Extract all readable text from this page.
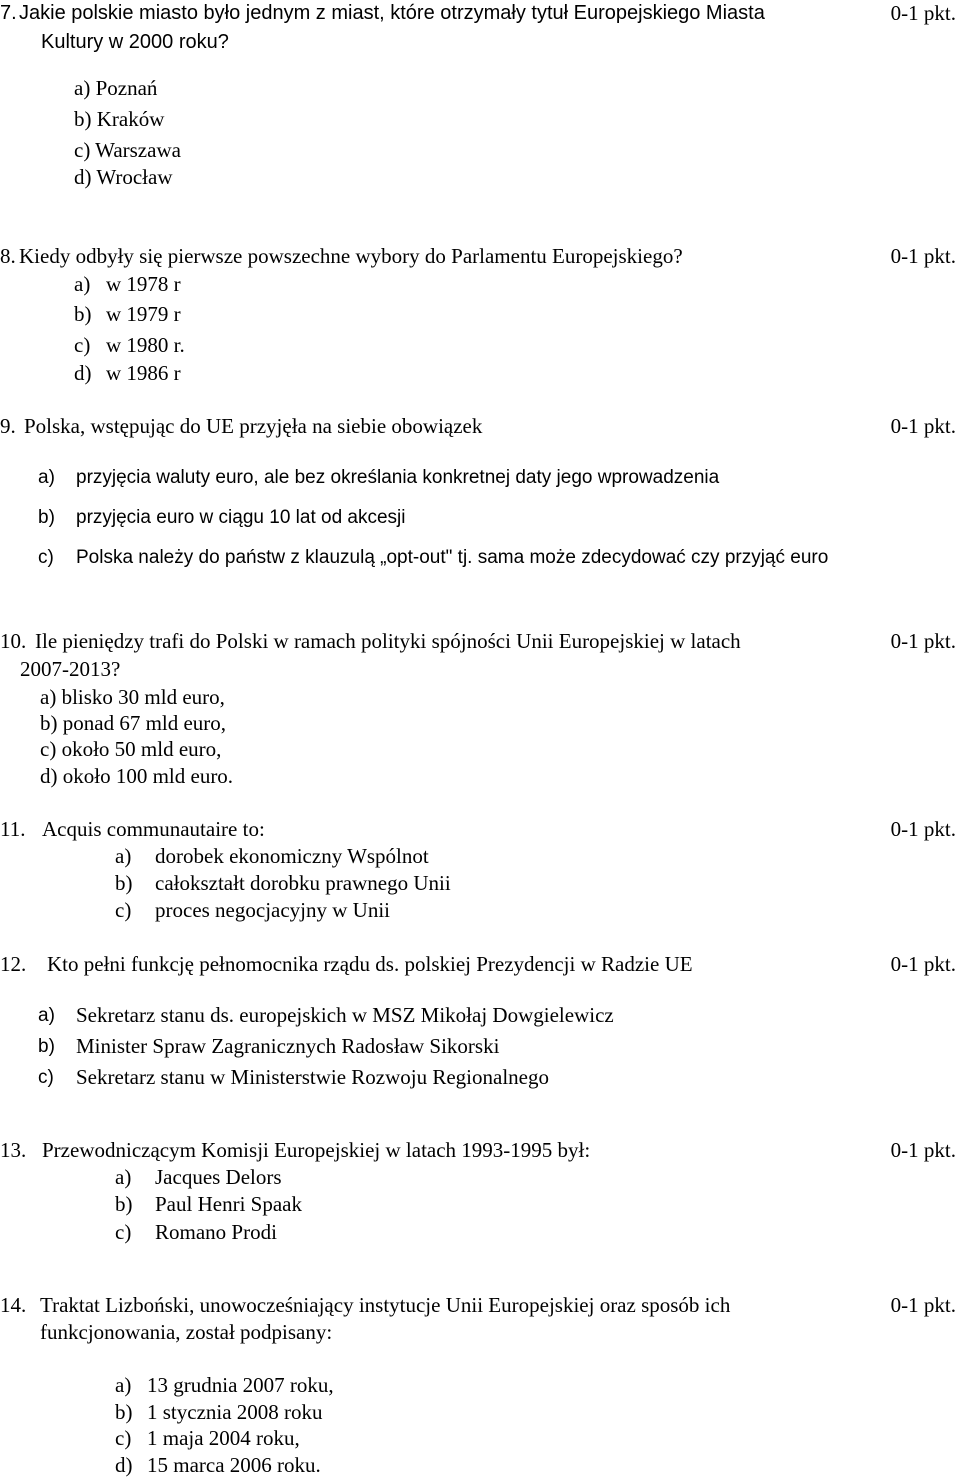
7. Jakie polskie miasto było jednym z miast, które otrzymały tytuł Europejskiego Miasta	0-1 pkt.
Kultury w 2000 roku?
a) Poznań
b) Kraków
c) Warszawa
d) Wrocław
8. Kiedy odbyły się pierwsze powszechne wybory do Parlamentu Europejskiego?	0-1 pkt.
a) w 1978 r
b) w 1979 r
c) w 1980 r.
d) w 1986 r
9. Polska, wstępując do UE przyjęła na siebie obowiązek	0-1 pkt.
a) przyjęcia waluty euro, ale bez określania konkretnej daty jego wprowadzenia
b) przyjęcia euro w ciągu 10 lat od akcesji
c) Polska należy do państw z klauzulą „opt-out" tj. sama może zdecydować czy przyjąć euro
10. Ile pieniędzy trafi do Polski w ramach polityki spójności Unii Europejskiej w latach	0-1 pkt.
2007-2013?
a) blisko 30 mld euro,
b) ponad 67 mld euro,
c) około 50 mld euro,
d) około 100 mld euro.
11. Acquis communautaire to:	0-1 pkt.
a) dorobek ekonomiczny Wspólnot
b) całokształt dorobku prawnego Unii
c) proces negocjacyjny w Unii
12. Kto pełni funkcję pełnomocnika rządu ds. polskiej Prezydencji w Radzie UE	0-1 pkt.
a) Sekretarz stanu ds. europejskich w MSZ Mikołaj Dowgielewicz
b) Minister Spraw Zagranicznych Radosław Sikorski
c) Sekretarz stanu w Ministerstwie Rozwoju Regionalnego
13. Przewodniczącym Komisji Europejskiej w latach 1993-1995 był:	0-1 pkt.
a) Jacques Delors
b) Paul Henri Spaak
c) Romano Prodi
14. Traktat Lizboński, unowocześniający instytucje Unii Europejskiej oraz sposób ich	0-1 pkt.
funkcjonowania, został podpisany:
a) 13 grudnia 2007 roku,
b) 1 stycznia 2008 roku
c) 1 maja 2004 roku,
d) 15 marca 2006 roku.
